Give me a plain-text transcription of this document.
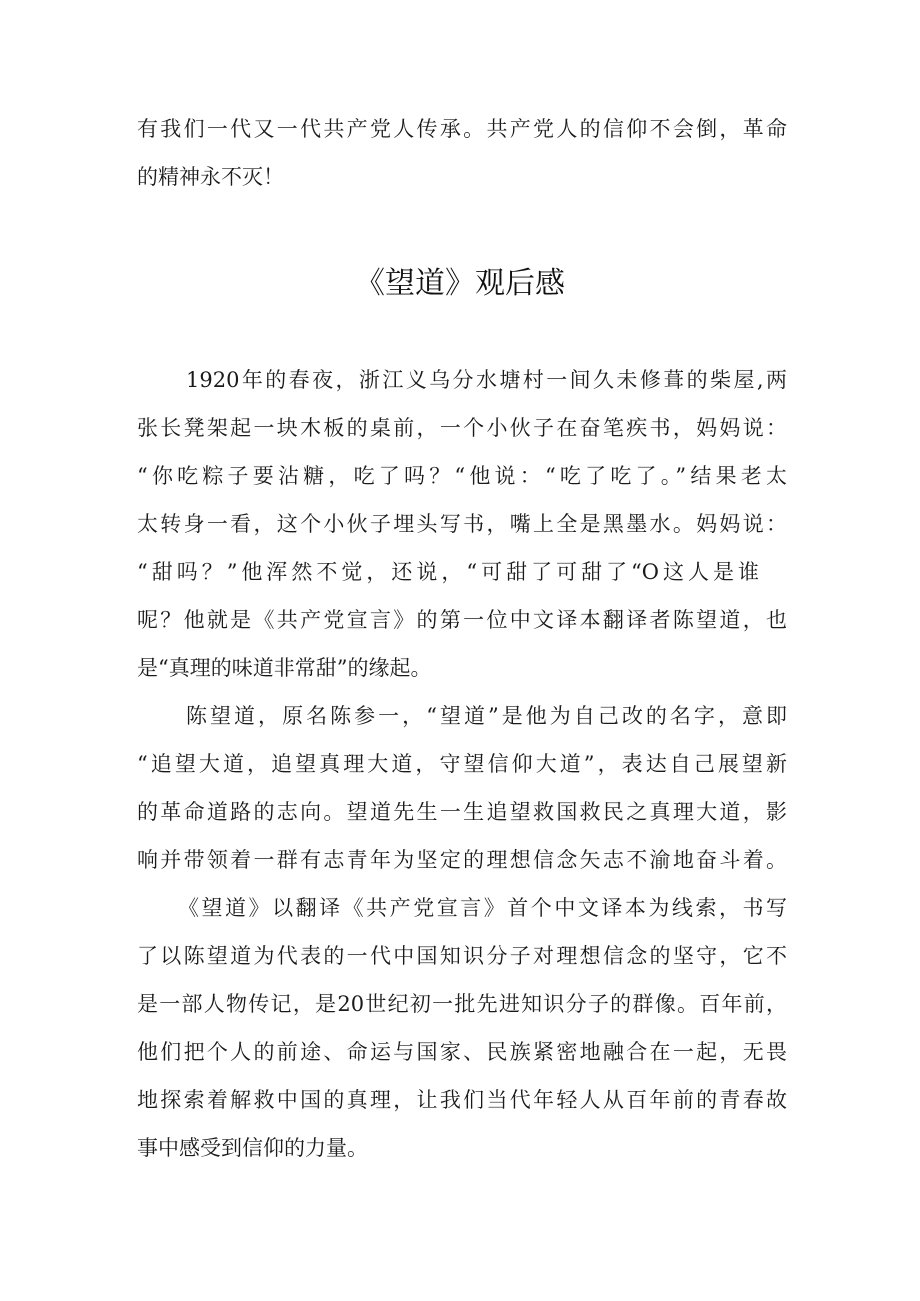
有我们一代又一代共产党人传承。共产党人的信仰不会倒，革命
的精神永不灭！
《望道》观后感
1920年的春夜，浙江义乌分水塘村一间久未修葺的柴屋,两
张长凳架起一块木板的桌前，一个小伙子在奋笔疾书，妈妈说：
“你吃粽子要沾糖，吃了吗？“他说：“吃了吃了。”结果老太
太转身一看，这个小伙子埋头写书，嘴上全是黑墨水。妈妈说：
“甜吗？”他浑然不觉，还说，“可甜了可甜了“O这人是谁
呢？他就是《共产党宣言》的第一位中文译本翻译者陈望道，也
是“真理的味道非常甜”的缘起。
陈望道，原名陈参一，“望道”是他为自己改的名字，意即
“追望大道，追望真理大道，守望信仰大道”，表达自己展望新
的革命道路的志向。望道先生一生追望救国救民之真理大道，影
响并带领着一群有志青年为坚定的理想信念矢志不渝地奋斗着。
《望道》以翻译《共产党宣言》首个中文译本为线索，书写
了以陈望道为代表的一代中国知识分子对理想信念的坚守，它不
是一部人物传记，是20世纪初一批先进知识分子的群像。百年前，
他们把个人的前途、命运与国家、民族紧密地融合在一起，无畏
地探索着解救中国的真理，让我们当代年轻人从百年前的青春故
事中感受到信仰的力量。
